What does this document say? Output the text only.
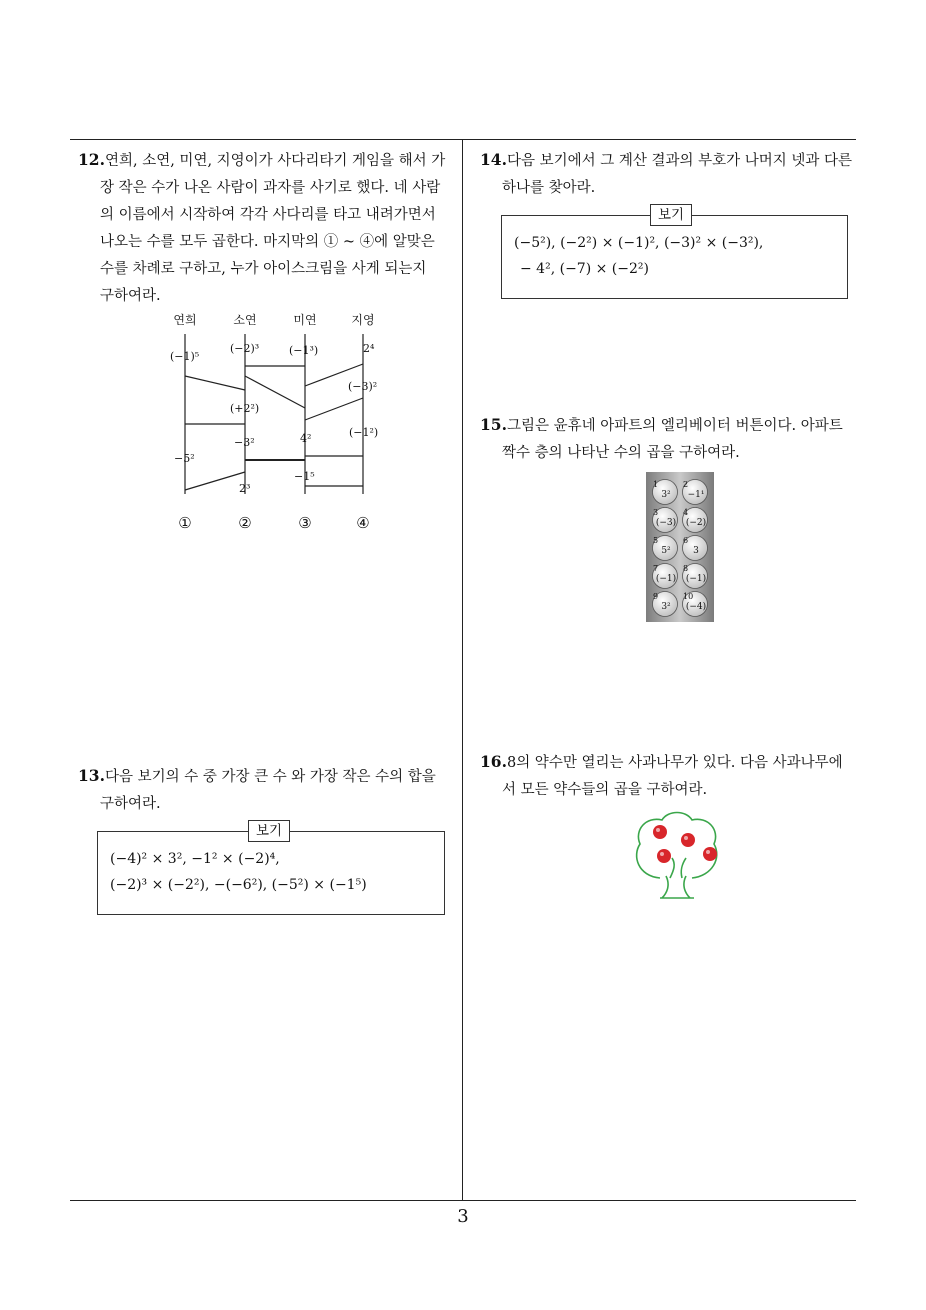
12.연희, 소연, 미연, 지영이가 사다리타기 게임을 해서 가
장 작은 수가 나온 사람이 과자를 사기로 했다. 네 사람
의 이름에서 시작하여 각각 사다리를 타고 내려가면서
나오는 수를 모두 곱한다. 마지막의 ① ~ ④에 알맞은
수를 차례로 구하고, 누가 아이스크림을 사게 되는지
구하여라.
연희	소연	미연	지영
(−1)⁵
(−2)³	(−1³)	2⁴
(−3)²
(+2²)
−3²	4²	(−1²)
−5²
−1⁵
2³
①	②	③	④
13.다음 보기의 수 중 가장 큰 수 와 가장 작은 수의 합을
구하여라.
보기
(−4)² × 3², −1² × (−2)⁴,
(−2)³ × (−2²), −(−6²), (−5²) × (−1⁵)
14.다음 보기에서 그 계산 결과의 부호가 나머지 넷과 다른
하나를 찾아라.
보기
(−5²), (−2²) × (−1)², (−3)² × (−3²),
− 4², (−7) × (−2²)
15.그림은 윤휴네 아파트의 엘리베이터 버튼이다. 아파트
짝수 층의 나타난 수의 곱을 구하여라.
1
3²
2
−1¹
3
(−3)
4
(−2)
5
5²
6
3
7
(−1)
8
(−1)
9
3²
10
(−4)
16.8의 약수만 열리는 사과나무가 있다. 다음 사과나무에
서 모든 약수들의 곱을 구하여라.
3
